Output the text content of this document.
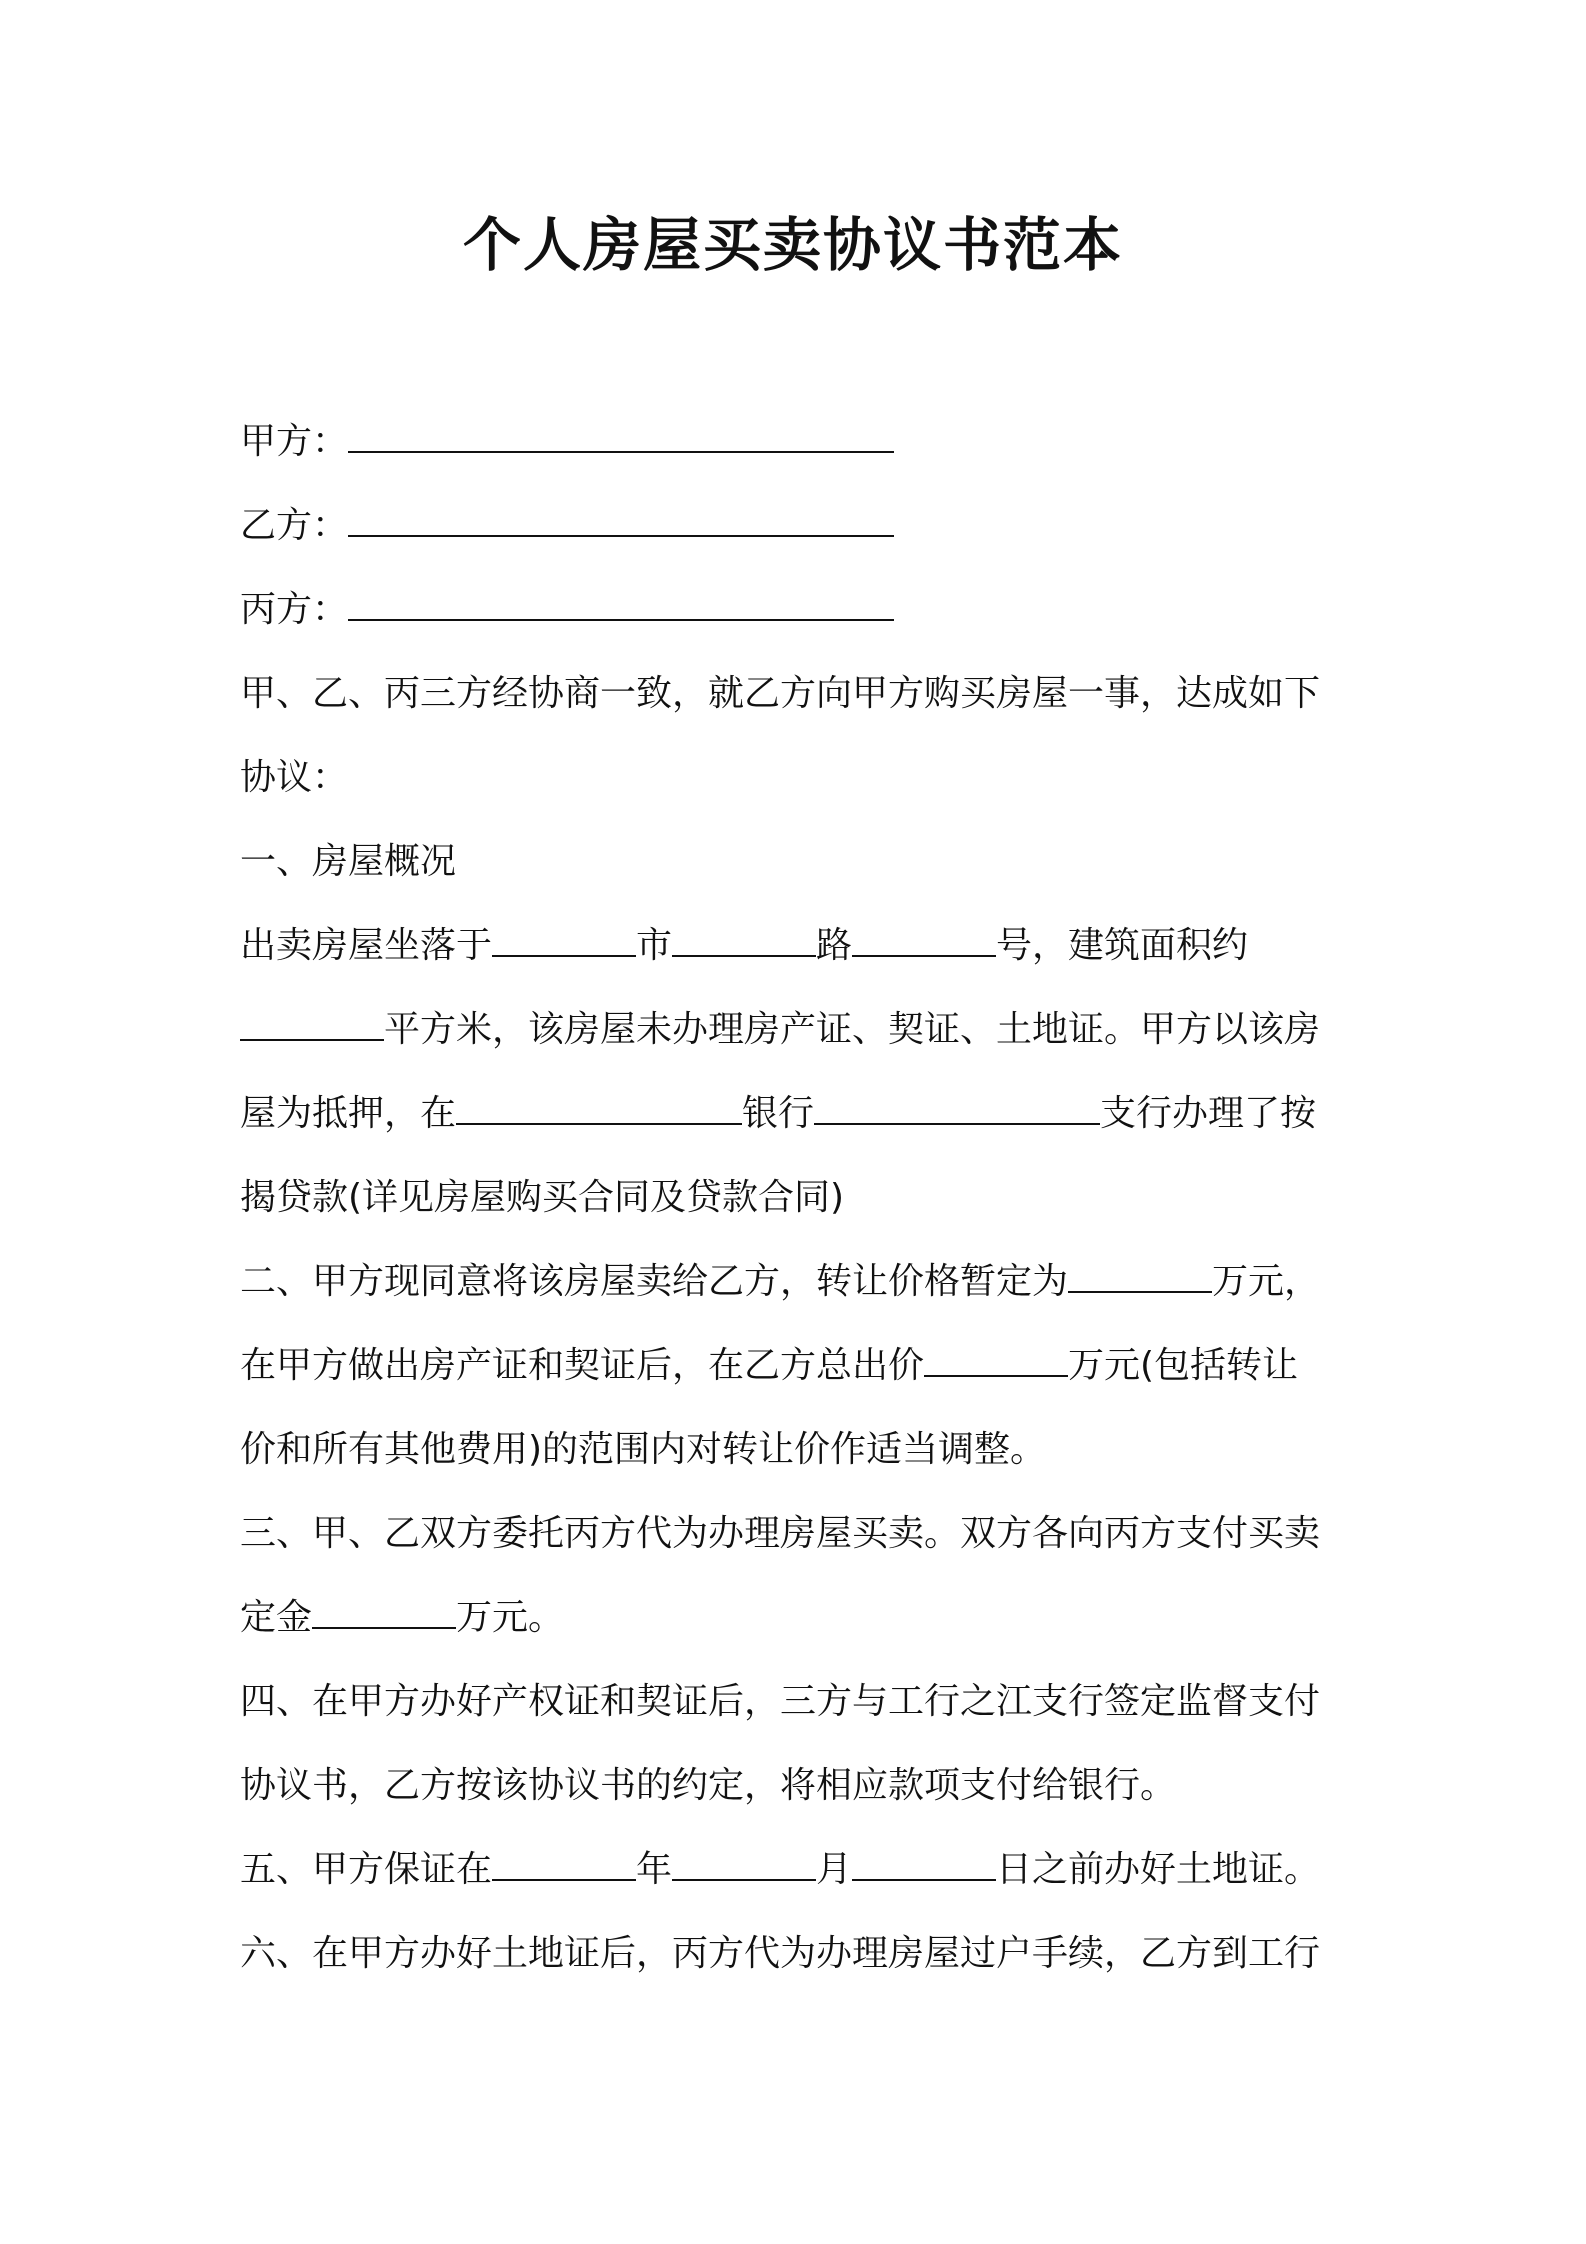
个人房屋买卖协议书范本
甲方：
乙方：
丙方：
甲、乙、丙三方经协商一致，就乙方向甲方购买房屋一事，达成如下
协议：
一、房屋概况
出卖房屋坐落于	市	路	号，建筑面积约
平方米，该房屋未办理房产证、契证、土地证。甲方以该房
屋为抵押，在	银行	支行办理了按
揭贷款(详见房屋购买合同及贷款合同)
二、甲方现同意将该房屋卖给乙方，转让价格暂定为	万元，
在甲方做出房产证和契证后，在乙方总出价	万元(包括转让
价和所有其他费用)的范围内对转让价作适当调整。
三、甲、乙双方委托丙方代为办理房屋买卖。双方各向丙方支付买卖
定金	万元。
四、在甲方办好产权证和契证后，三方与工行之江支行签定监督支付
协议书，乙方按该协议书的约定，将相应款项支付给银行。
五、甲方保证在	年	月	日之前办好土地证。
六、在甲方办好土地证后，丙方代为办理房屋过户手续，乙方到工行
